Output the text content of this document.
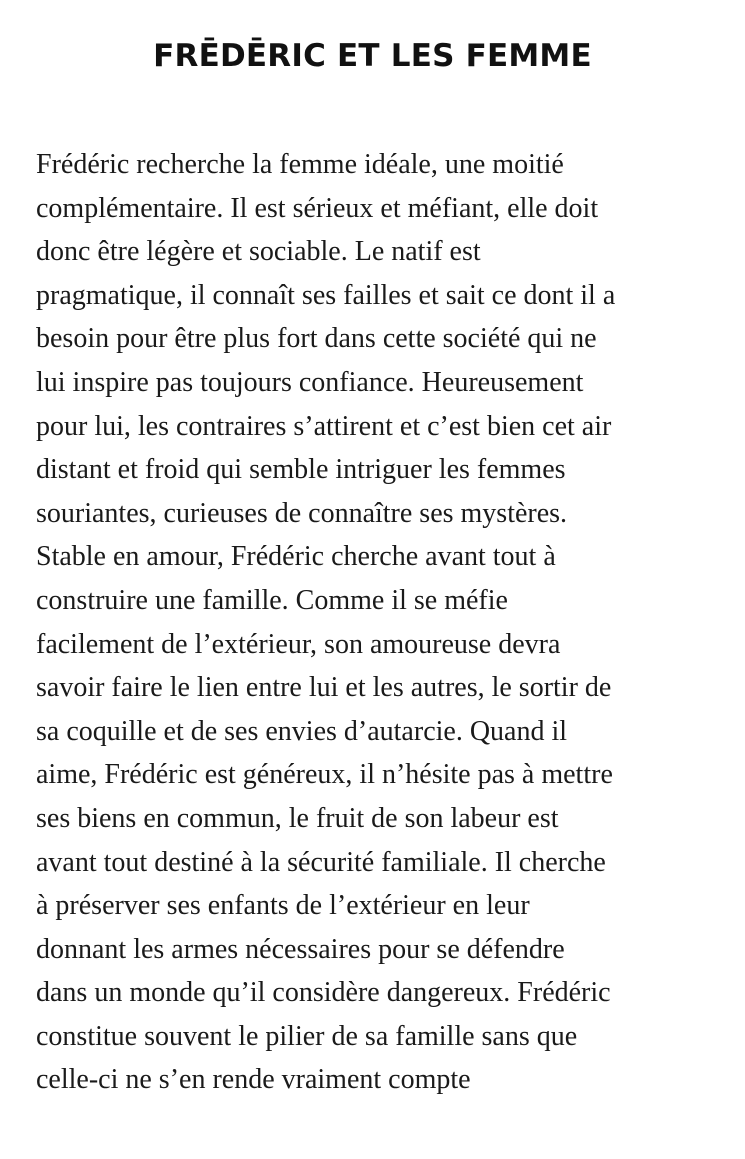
FRĒDĒRIC ET LES FEMME

Frédéric recherche la femme idéale, une moitié
complémentaire. Il est sérieux et méfiant, elle doit
donc être légère et sociable. Le natif est
pragmatique, il connaît ses failles et sait ce dont il a
besoin pour être plus fort dans cette société qui ne
lui inspire pas toujours confiance. Heureusement
pour lui, les contraires s’attirent et c’est bien cet air
distant et froid qui semble intriguer les femmes
souriantes, curieuses de connaître ses mystères.
Stable en amour, Frédéric cherche avant tout à
construire une famille. Comme il se méfie
facilement de l’extérieur, son amoureuse devra
savoir faire le lien entre lui et les autres, le sortir de
sa coquille et de ses envies d’autarcie. Quand il
aime, Frédéric est généreux, il n’hésite pas à mettre
ses biens en commun, le fruit de son labeur est
avant tout destiné à la sécurité familiale. Il cherche
à préserver ses enfants de l’extérieur en leur
donnant les armes nécessaires pour se défendre
dans un monde qu’il considère dangereux. Frédéric
constitue souvent le pilier de sa famille sans que
celle-ci ne s’en rende vraiment compte
